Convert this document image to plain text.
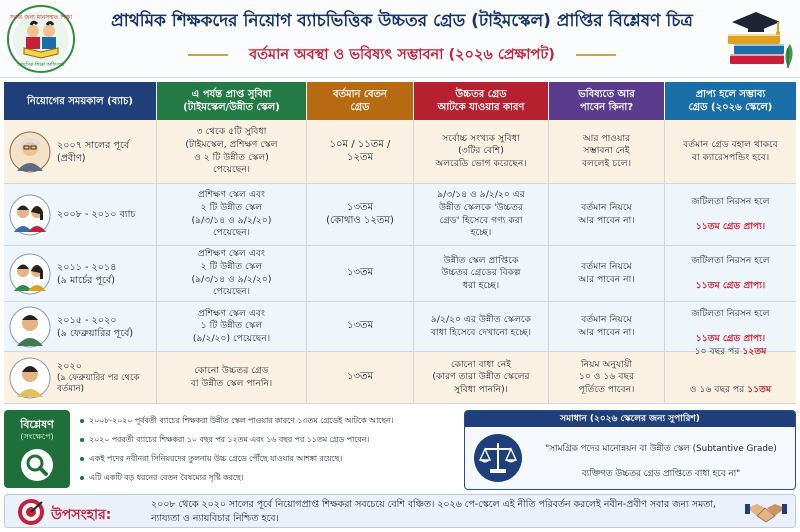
সবার জন্য মানসম্মত শিক্ষা
প্রাথমিক শিক্ষা অধিদপ্তর
প্রাথমিক শিক্ষকদের নিয়োগ ব্যাচভিত্তিক উচ্চতর গ্রেড (টাইমস্কেল) প্রাপ্তির বিশ্লেষণ চিত্র
বর্তমান অবস্থা ও ভবিষ্যৎ সম্ভাবনা (২০২৬ প্রেক্ষাপট)
নিয়োগের সময়কাল (ব্যাচ)
এ পর্যন্ত প্রাপ্ত সুবিধা
(টাইমস্কেল/উন্নীত স্কেল)
বর্তমান বেতন
গ্রেড
উচ্চতর গ্রেড
আটকে যাওয়ার কারণ
ভবিষ্যতে আর
পাবেন কিনা?
প্রাপ্য হলে সম্ভাব্য
গ্রেড (২০২৬ স্কেলে)
২০০৭ সালের পূর্বে
(প্রবীণ)
৩ থেকে ৫টি সুবিধা
(টাইমস্কেল, প্রশিক্ষণ স্কেল
ও ২ টি উন্নীত স্কেল)
পেয়েছেন।
১০ম / ১১তম /
১২তম
সর্বোচ্চ সংখ্যক সুবিধা
(৩টির বেশি)
অলরেডি ভোগ করেছেন।
আর পাওয়ার
সম্ভাবনা নেই
বললেই চলে।
বর্তমান গ্রেড বহাল থাকবে
বা ক্যারেসপন্ডিং হবে।
২০০৮ - ২০১০ ব্যাচ
প্রশিক্ষণ স্কেল এবং
২ টি উন্নীত স্কেল
(৯/৩/১৪ ও ৯/২/২০)
পেয়েছেন।
১৩তম
(কোথাও ১২তম)
৯/৩/১৪ ও ৯/২/২০ এর
উন্নীত স্কেলকে 'উচ্চতর
গ্রেড' হিসেবে গণ্য করা
হচ্ছে।
বর্তমান নিয়মে
আর পাবেন না।

জটিলতা নিরসন হলে

১১তম গ্রেড প্রাপ্য।

২০১১ - ২০১৪
(৯ মার্চের পূর্বে)
প্রশিক্ষণ স্কেল এবং
২ টি উন্নীত স্কেল
(৯/৩/১৪ ও ৯/২/২০)
পেয়েছেন।
১৩তম
উন্নীত স্কেল প্রাপ্তিকে
উচ্চতর গ্রেডের বিকল্প
ধরা হচ্ছে।
বর্তমান নিয়মে
আর পাবেন না।

জটিলতা নিরসন হলে

১১তম গ্রেড প্রাপ্য।

২০১৫ - ২০২০
(৯ ফেব্রুয়ারির পূর্বে)
প্রশিক্ষণ স্কেল এবং
১ টি উন্নীত স্কেল
(৯/২/২০) পেয়েছেন।
১৩তম
৯/২/২০ এর উন্নীত স্কেলকে
বাধা হিসেবে দেখানো হচ্ছে।
বর্তমান নিয়মে
আর পাবেন না।

জটিলতা নিরসন হলে

১১তম গ্রেড প্রাপ্য।

২০২০
(৯ ফেব্রুয়ারির পর থেকে
বর্তমান)
কোনো উচ্চতর গ্রেড
বা উন্নীত স্কেল পাননি।
১৩তম
কোনো বাধা নেই
(কারণ তারা উন্নীত স্কেলের
সুবিধা পাননি)।
নিয়ম অনুযায়ী
১০ ও ১৬ বছর
পূর্তিতে পাবেন।

১০ বছর পর ১২তম

ও ১৬ বছর পর ১১তম

বিশ্লেষণ
(সংক্ষেপে)
২০০৮-২০২০ পূর্ববর্তী ব্যাচের শিক্ষকরা উন্নীত স্কেল পাওয়ার কারণে ১৩তম গ্রেডেই আটকে আছেন।
২০২০ পরবর্তী ব্যাচের শিক্ষকরা ১০ বছর পর ১২তম এবং ১৬ বছর পর ১১তম গ্রেড পাবেন।
একই পদের নবীনরা সিনিয়রদের তুলনায় উচ্চ গ্রেডে পৌঁছে যাওয়ার আশঙ্কা রয়েছে।
এটি একটি বড় ধরনের বেতন বৈষম্যের সৃষ্টি করছে।
সমাধান (২০২৬ স্কেলের জন্য সুপারিশ)

"সামগ্রিক পদের মানোন্নয়ন বা উন্নীত স্কেল (Subtantive Grade)

ব্যক্তিগত উচ্চতর গ্রেড প্রাপ্তিতে বাধা হবে না"

উপসংহার:
২০০৮ থেকে ২০২০ সালের পূর্বে নিয়োগপ্রাপ্ত শিক্ষকরা সবচেয়ে বেশি বঞ্চিত। ২০২৬ পে-স্কেলে এই নীতি পরিবর্তন করলেই নবীন-প্রবীণ সবার জন্য সমতা, ন্যায্যতা ও ন্যায়বিচার নিশ্চিত হবে।
